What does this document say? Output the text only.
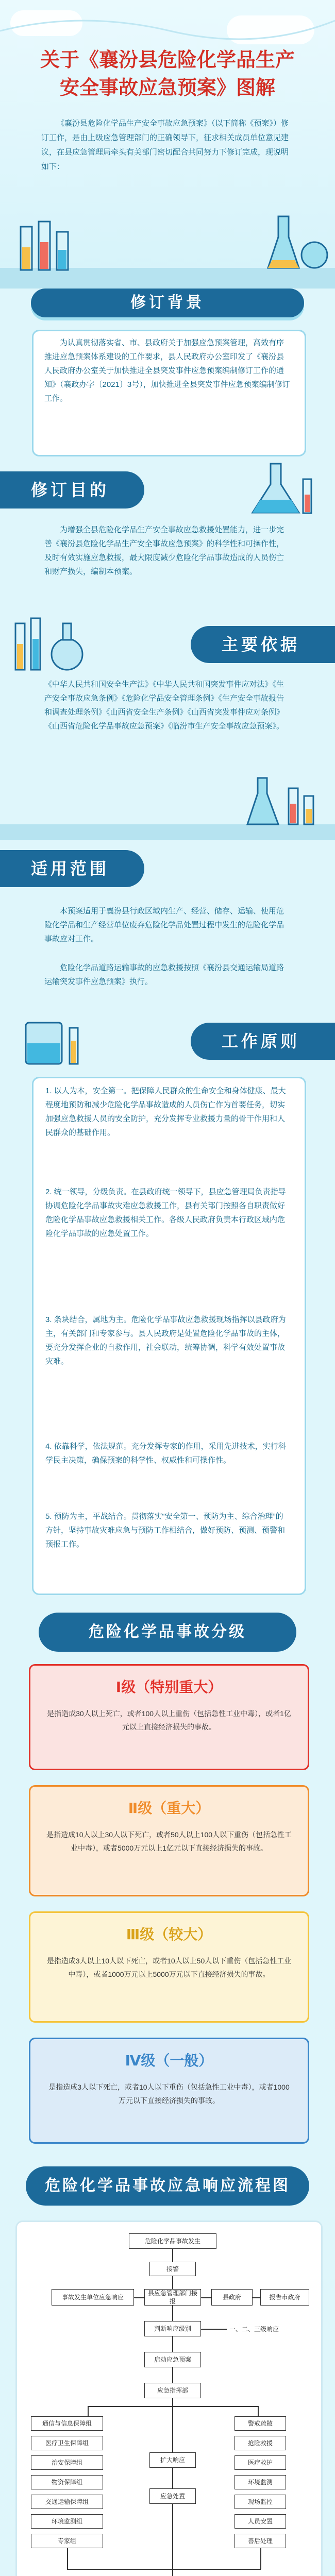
关于《襄汾县危险化学品生产
安全事故应急预案》图解
《襄汾县危险化学品生产安全事故应急预案》（以下简称《预案》）修订工作，是由上级应急管理部门的正确领导下，征求相关成员单位意见建议，在县应急管理局牵头有关部门密切配合共同努力下修订完成，现说明如下：
修订背景
为认真贯彻落实省、市、县政府关于加强应急预案管理，高效有序推进应急预案体系建设的工作要求，县人民政府办公室印发了《襄汾县人民政府办公室关于加快推进全县突发事件应急预案编制修订工作的通知》（襄政办字〔2021〕3号），加快推进全县突发事件应急预案编制修订工作。
修订目的
为增强全县危险化学品生产安全事故应急救援处置能力，进一步完善《襄汾县危险化学品生产安全事故应急预案》的科学性和可操作性，及时有效实施应急救援，最大限度减少危险化学品事故造成的人员伤亡和财产损失，编制本预案。
主要依据
《中华人民共和国安全生产法》《中华人民共和国突发事件应对法》《生产安全事故应急条例》《危险化学品安全管理条例》《生产安全事故报告和调查处理条例》《山西省安全生产条例》《山西省突发事件应对条例》《山西省危险化学品事故应急预案》《临汾市生产安全事故应急预案》。
适用范围
本预案适用于襄汾县行政区域内生产、经营、储存、运输、使用危险化学品和生产经营单位废弃危险化学品处置过程中发生的危险化学品事故应对工作。
危险化学品道路运输事故的应急救援按照《襄汾县交通运输局道路运输突发事件应急预案》执行。
工作原则
1. 以人为本，安全第一。把保障人民群众的生命安全和身体健康、最大程度地预防和减少危险化学品事故造成的人员伤亡作为首要任务，切实加强应急救援人员的安全防护，充分发挥专业救援力量的骨干作用和人民群众的基础作用。
2. 统一领导，分级负责。在县政府统一领导下，县应急管理局负责指导协调危险化学品事故灾难应急救援工作，县有关部门按照各自职责做好危险化学品事故应急救援相关工作。各级人民政府负责本行政区域内危险化学品事故的应急处置工作。
3. 条块结合，属地为主。危险化学品事故应急救援现场指挥以县政府为主，有关部门和专家参与。县人民政府是处置危险化学品事故的主体，要充分发挥企业的自救作用，社会联动，统筹协调，科学有效处置事故灾难。
4. 依靠科学，依法规范。充分发挥专家的作用，采用先进技术，实行科学民主决策，确保预案的科学性、权威性和可操作性。
5. 预防为主，平战结合。贯彻落实“安全第一、预防为主、综合治理”的方针，坚持事故灾难应急与预防工作相结合，做好预防、预测、预警和预报工作。
危险化学品事故分级
Ⅰ级（特别重大）
是指造成30人以上死亡，或者100人以上重伤（包括急性工业中毒），或者1亿元以上直接经济损失的事故。
Ⅱ级（重大）
是指造成10人以上30人以下死亡，或者50人以上100人以下重伤（包括急性工业中毒），或者5000万元以上1亿元以下直接经济损失的事故。
Ⅲ级（较大）
是指造成3人以上10人以下死亡，或者10人以上50人以下重伤（包括急性工业中毒），或者1000万元以上5000万元以下直接经济损失的事故。
Ⅳ级（一般）
是指造成3人以下死亡，或者10人以下重伤（包括急性工业中毒），或者1000万元以下直接经济损失的事故。
危险化学品事故应急响应流程图
危险化学品事故发生
接警
事故发生单位应急响应
县应急管理部门接报
县政府	报告市政府
判断响应级别	一、二、三级响应
启动应急预案
应急指挥部
通信与信息保障组
医疗卫生保障组
治安保障组
物资保障组
交通运输保障组
环境监测组
专家组
扩大响应
应急处置
警戒疏散
抢险救援
医疗救护
环境监测
现场监控
人员安置
善后处理
